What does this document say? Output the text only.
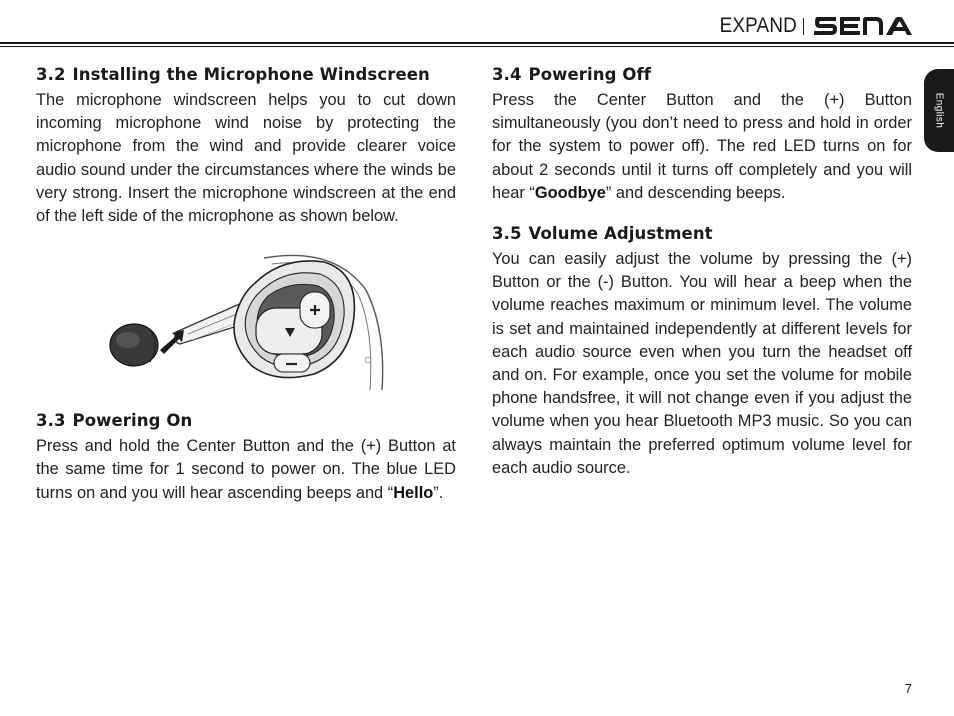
EXPAND
English
3.2 Installing the Microphone Windscreen

The microphone windscreen helps you to cut down incoming microphone wind noise by protecting the microphone from the wind and provide clearer voice audio sound under the circumstances where the winds be very strong. Insert the microphone windscreen at the end of the left side of the microphone as shown below.

3.3 Powering On

Press and hold the Center Button and the (+) Button at the same time for 1 second to power on. The blue LED turns on and you will hear ascending beeps and “Hello”.

3.4 Powering Off

Press the Center Button and the (+) Button simultaneously (you don’t need to press and hold in order for the system to power off). The red LED turns on for about 2 seconds until it turns off completely and you will hear “Goodbye” and descending beeps.

3.5 Volume Adjustment

You can easily adjust the volume by pressing the (+) Button or the (-) Button. You will hear a beep when the volume reaches maximum or minimum level. The volume is set and maintained independently at different levels for each audio source even when you turn the headset off and on. For example, once you set the volume for mobile phone handsfree, it will not change even if you adjust the volume when you hear Bluetooth MP3 music. So you can always maintain the preferred optimum volume level for each audio source.

7
